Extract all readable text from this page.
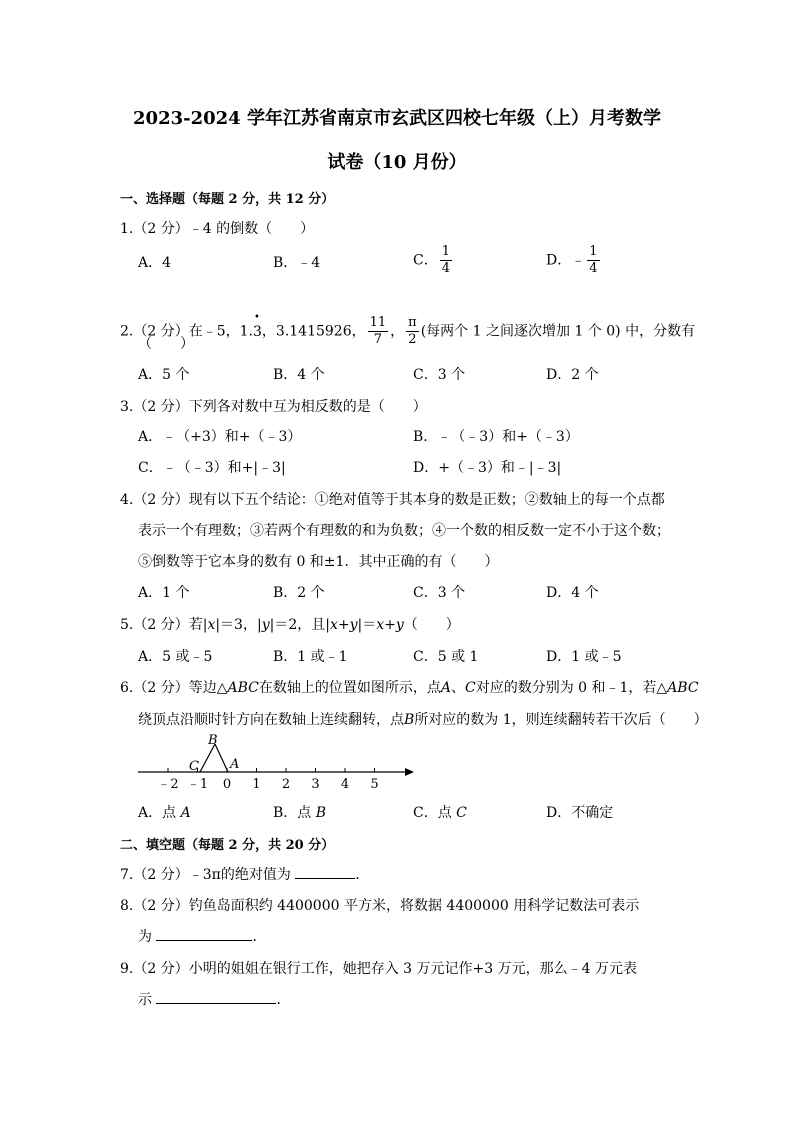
2023-2024 学年江苏省南京市玄武区四校七年级（上）月考数学
试卷（10 月份）
一、选择题（每题 2 分，共 12 分）
1.（2 分）﹣4 的倒数（　　）
A．4	B．﹣4	C． $\frac{1}{4}$	D．﹣ $\frac{1}{4}$
2.（2 分）在﹣5，1.3 •，3.1415926， $\frac{11}{7}$ ， $\frac{\pi}{2}$ (每两个 1 之间逐次增加 1 个 0) 中，分数有
（　　）
A．5 个	B．4 个	C．3 个	D．2 个
3.（2 分）下列各对数中互为相反数的是（　　）
A．﹣（+3）和+（﹣3）	B．﹣（﹣3）和+（﹣3）
C．﹣（﹣3）和+|﹣3|	D．+（﹣3）和﹣|﹣3|
4.（2 分）现有以下五个结论：①绝对值等于其本身的数是正数；②数轴上的每一个点都
表示一个有理数；③若两个有理数的和为负数；④一个数的相反数一定不小于这个数；
⑤倒数等于它本身的数有 0 和±1．其中正确的有（　　）
A．1 个	B．2 个	C．3 个	D．4 个
5.（2 分）若|x|＝3，|y|＝2，且|x+y|＝x+y（　　）
A．5 或﹣5	B．1 或﹣1	C．5 或 1	D．1 或﹣5
6.（2 分）等边△ABC在数轴上的位置如图所示，点A、C对应的数分别为 0 和﹣1，若△ABC
绕顶点沿顺时针方向在数轴上连续翻转，点B所对应的数为 1，则连续翻转若干次后（　　）
B
C A
﹣2 ﹣1 0 1 2 3 4 5
A．点 A	B．点 B	C．点 C	D．不确定
二、填空题（每题 2 分，共 20 分）
7.（2 分）﹣3π的绝对值为	．
8.（2 分）钓鱼岛面积约 4400000 平方米，将数据 4400000 用科学记数法可表示
为	．
9.（2 分）小明的姐姐在银行工作，她把存入 3 万元记作+3 万元，那么﹣4 万元表
示	．
